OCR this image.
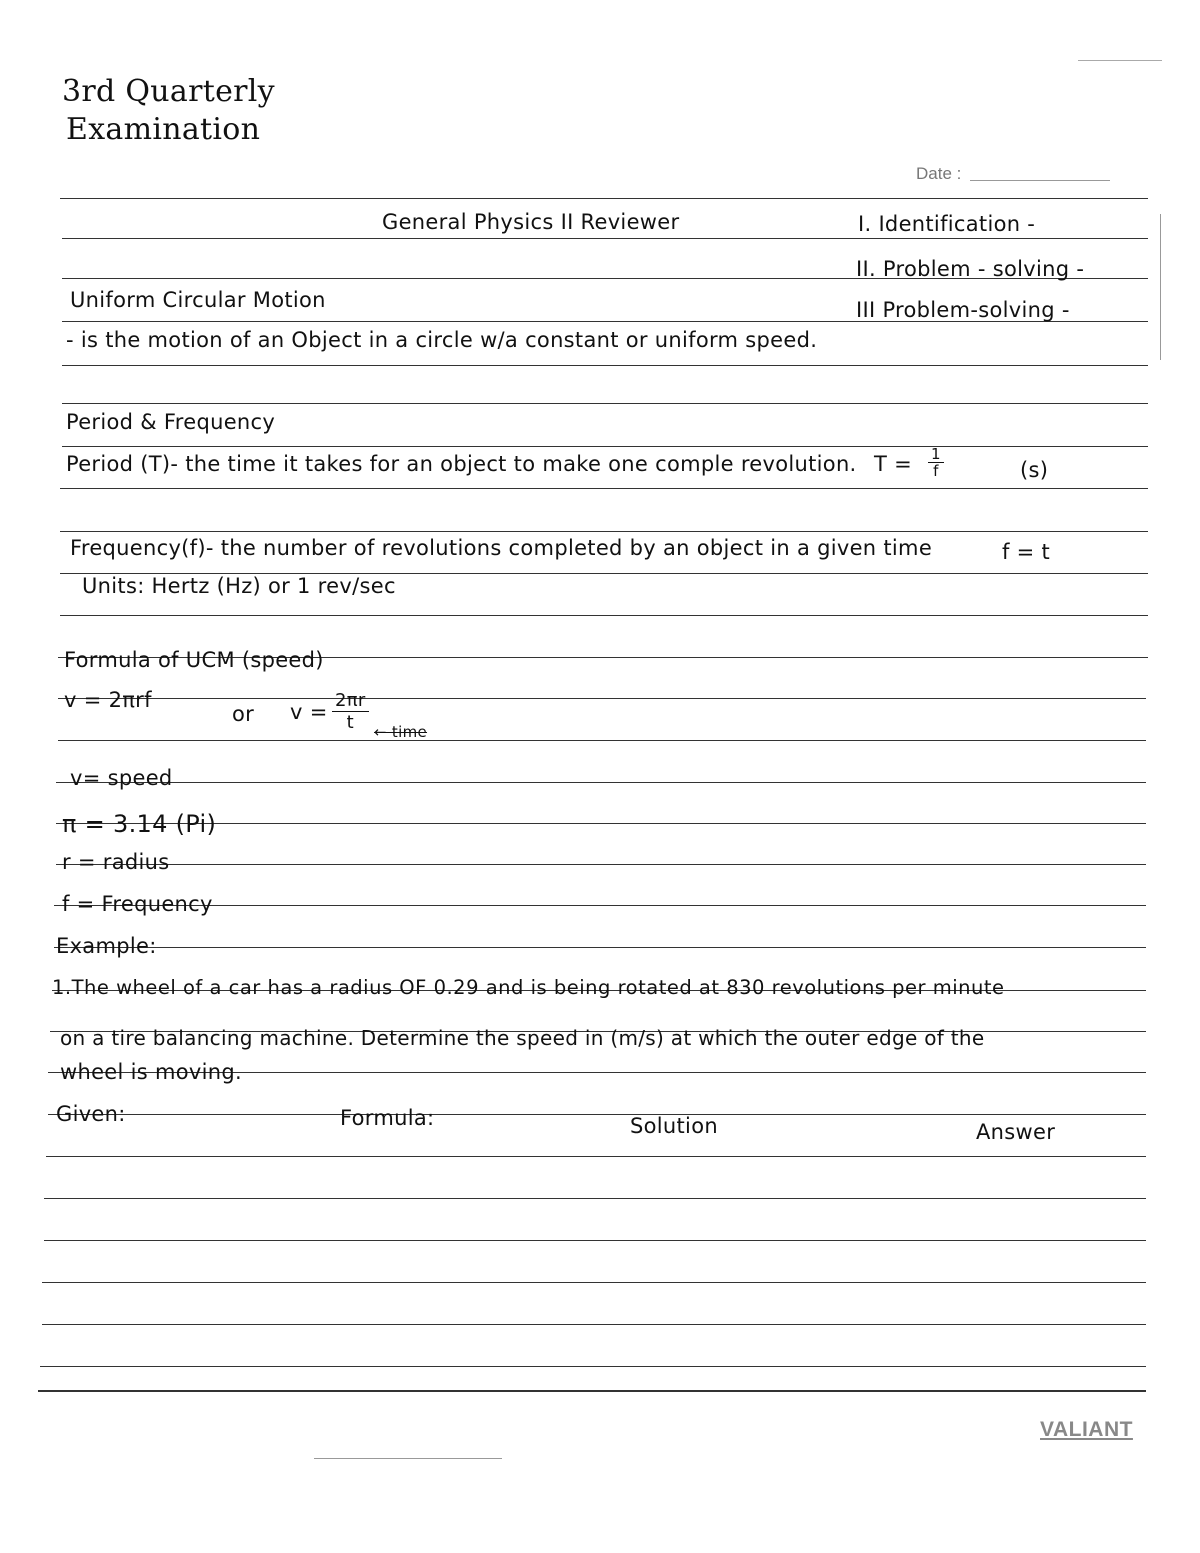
3rd Quarterly
Examination
Date :
General Physics II Reviewer	I. Identification -
II. Problem - solving -
III Problem-solving -
Uniform Circular Motion
- is the motion of an Object in a circle w/a constant or uniform speed.
Period & Frequency
Period (T)- the time it takes for an object to make one comple revolution. $T = \frac{1}{f}$	(s)
Frequency(f)- the number of revolutions completed by an object in a given time	f = t
Units: Hertz (Hz) or 1 rev/sec
Formula of UCM (speed)
v = 2πrf
or $v = \frac{2\pi r}{t}$ ← time
v= speed
π = 3.14 (Pi)
r = radius
f = Frequency
Example:
1.The wheel of a car has a radius OF 0.29 and is being rotated at 830 revolutions per minute
on a tire balancing machine. Determine the speed in (m/s) at which the outer edge of the
wheel is moving.
Given:	Formula:	Solution	Answer
VALIANT
